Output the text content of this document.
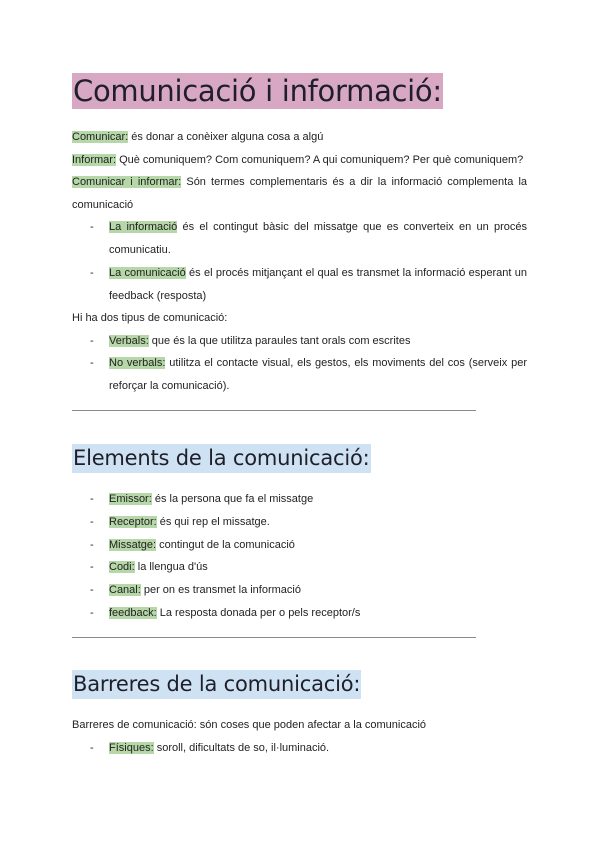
Comunicació i informació:
Comunicar: és donar a conèixer alguna cosa a algú
Informar: Què comuniquem? Com comuniquem? A qui comuniquem? Per què comuniquem?
Comunicar i informar: Són termes complementaris és a dir la informació complementa la
comunicació
- La informació és el contingut bàsic del missatge que es converteix en un procés
comunicatiu.
- La comunicació és el procés mitjançant el qual es transmet la informació esperant un
feedback (resposta)
Hi ha dos tipus de comunicació:
- Verbals: que és la que utilitza paraules tant orals com escrites
- No verbals: utilitza el contacte visual, els gestos, els moviments del cos (serveix per
reforçar la comunicació).
Elements de la comunicació:
- Emissor: és la persona que fa el missatge
- Receptor: és qui rep el missatge.
- Missatge: contingut de la comunicació
- Codi: la llengua d'ús
- Canal: per on es transmet la informació
- feedback: La resposta donada per o pels receptor/s
Barreres de la comunicació:
Barreres de comunicació: són coses que poden afectar a la comunicació
- Físiques: soroll, dificultats de so, il·luminació.
